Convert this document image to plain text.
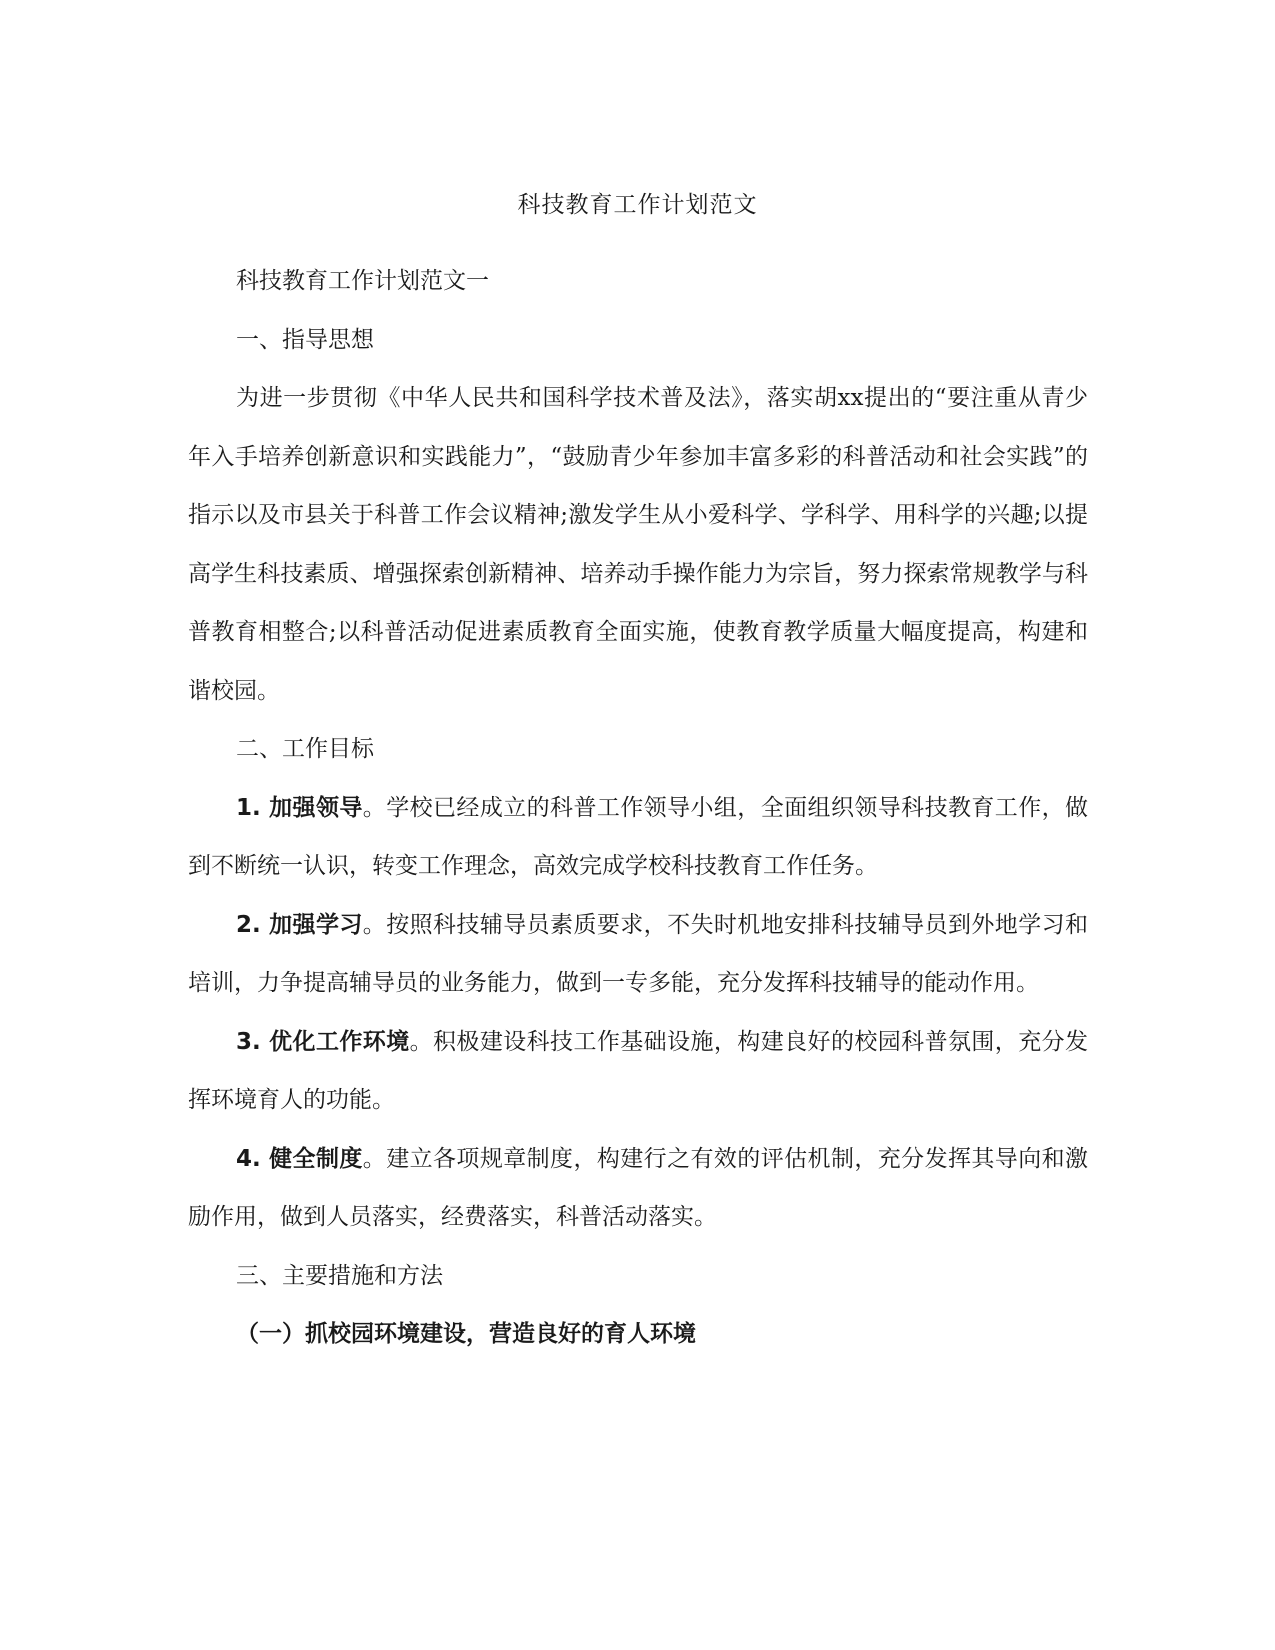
科技教育工作计划范文

科技教育工作计划范文一

一、指导思想

为进一步贯彻《中华人民共和国科学技术普及法》，落实胡xx提出的“要注重从青少年入手培养创新意识和实践能力”，“鼓励青少年参加丰富多彩的科普活动和社会实践”的指示以及市县关于科普工作会议精神;激发学生从小爱科学、学科学、用科学的兴趣;以提高学生科技素质、增强探索创新精神、培养动手操作能力为宗旨，努力探索常规教学与科普教育相整合;以科普活动促进素质教育全面实施，使教育教学质量大幅度提高，构建和谐校园。

二、工作目标

1. 加强领导。学校已经成立的科普工作领导小组，全面组织领导科技教育工作，做到不断统一认识，转变工作理念，高效完成学校科技教育工作任务。

2. 加强学习。按照科技辅导员素质要求，不失时机地安排科技辅导员到外地学习和培训，力争提高辅导员的业务能力，做到一专多能，充分发挥科技辅导的能动作用。

3. 优化工作环境。积极建设科技工作基础设施，构建良好的校园科普氛围，充分发挥环境育人的功能。

4. 健全制度。建立各项规章制度，构建行之有效的评估机制，充分发挥其导向和激励作用，做到人员落实，经费落实，科普活动落实。

三、主要措施和方法

（一）抓校园环境建设，营造良好的育人环境
